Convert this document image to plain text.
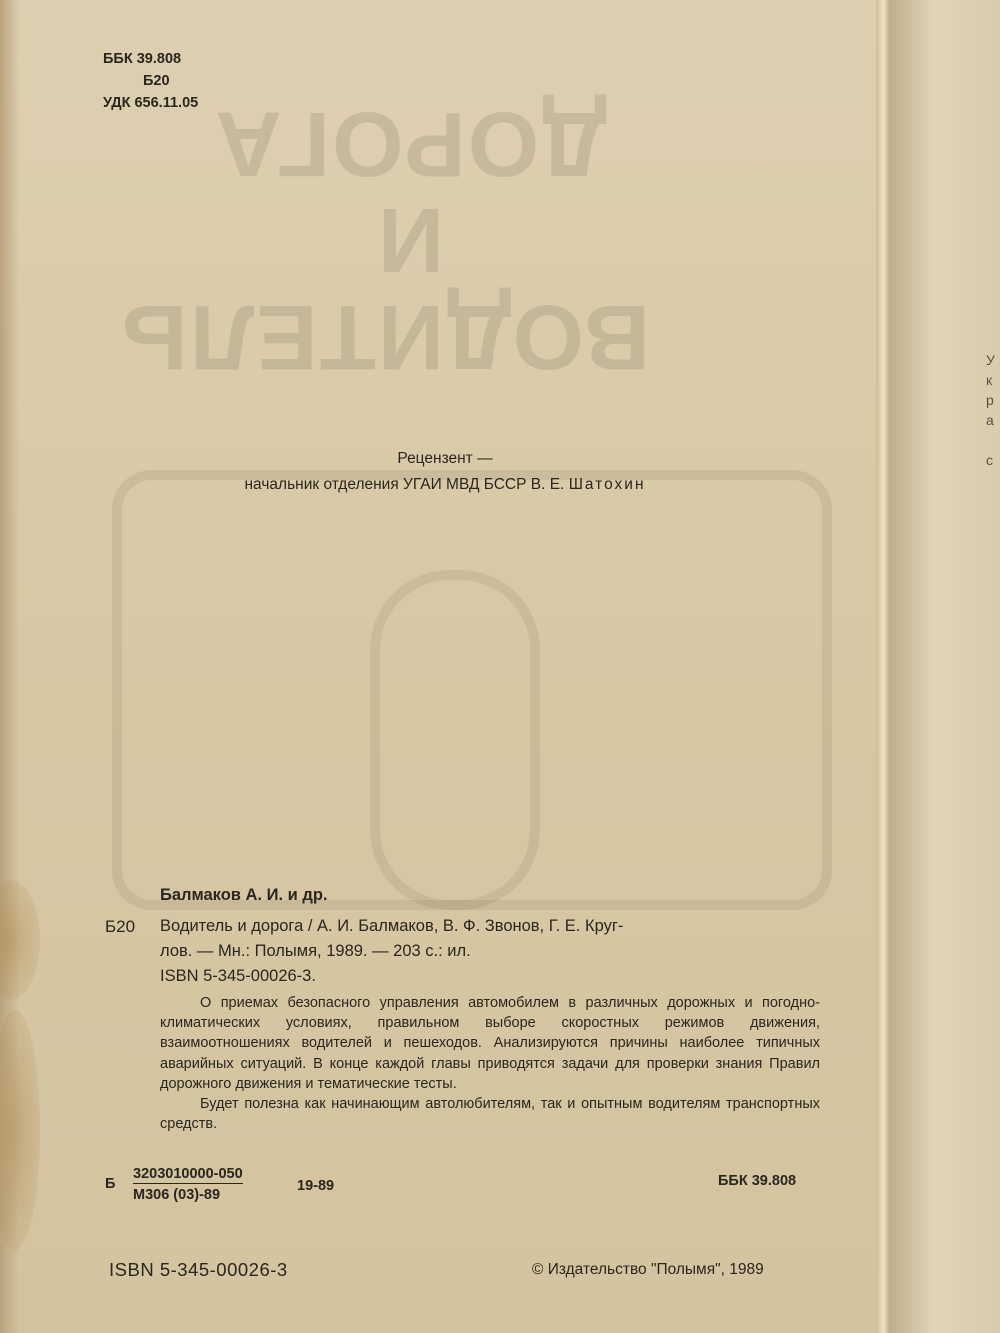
ВОДИТЕЛЬ
И
ДОРОГА
ББК 39.808
Б20
УДК 656.11.05
Рецензент —
начальник отделения УГАИ МВД БССР В. Е. Шатохин
Балмаков А. И. и др.
Б20 Водитель и дорога / А. И. Балмаков, В. Ф. Звонов, Г. Е. Круг-
лов. — Мн.: Полымя, 1989. — 203 с.: ил.
ISBN 5-345-00026-3.

О приемах безопасного управления автомобилем в различных дорожных и погодно-климатических условиях, правильном выборе скоростных режимов движения, взаимоотношениях водителей и пешеходов. Анализируются причины наиболее типичных аварийных ситуаций. В конце каждой главы приводятся задачи для проверки знания Правил дорожного движения и тематические тесты.

Будет полезна как начинающим автолюбителям, так и опытным водителям транспортных средств.

Б
3203010000-050
М306 (03)-89
19-89	ББК 39.808
ISBN 5-345-00026-3	© Издательство "Полымя", 1989
У
к
р
а
с
